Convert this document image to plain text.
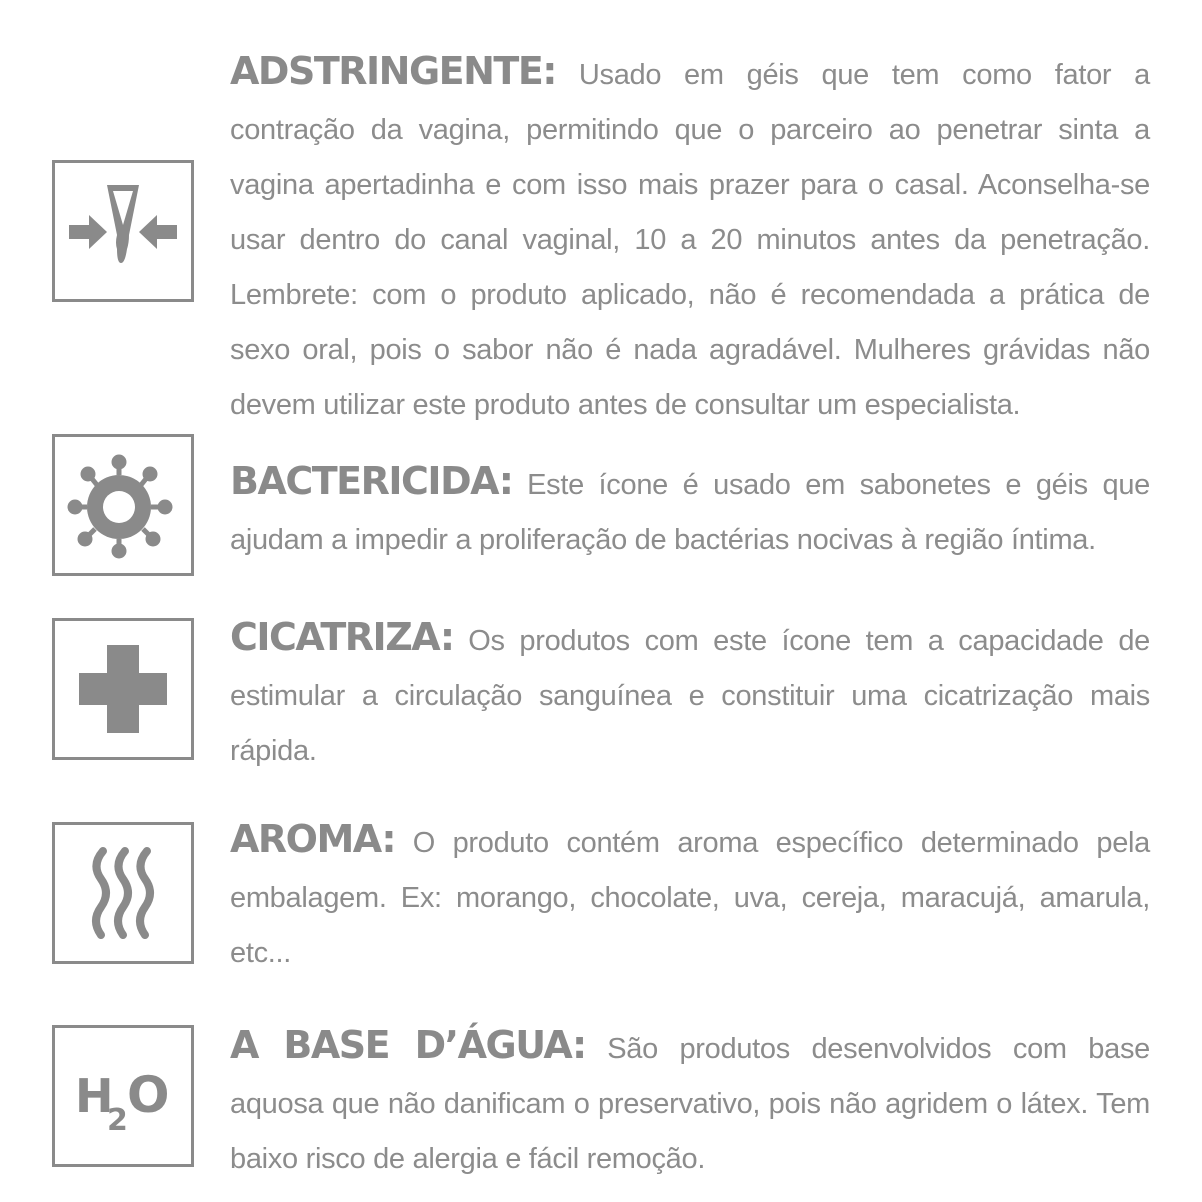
ADSTRINGENTE: Usado em géis que tem como fator a contração da vagina, permitindo que o parceiro ao penetrar sinta a vagina apertadinha e com isso mais prazer para o casal. Aconselha-se usar dentro do canal vaginal, 10 a 20 minutos antes da penetração. Lembrete: com o produto aplicado, não é recomendada a prática de sexo oral, pois o sabor não é nada agradável. Mulheres grávidas não devem utilizar este produto antes de consultar um especialista.
BACTERICIDA: Este ícone é usado em sabonetes e géis que ajudam a impedir a proliferação de bactérias nocivas à região íntima.
CICATRIZA: Os produtos com este ícone tem a capacidade de estimular a circulação sanguínea e constituir uma cicatrização mais rápida.
AROMA: O produto contém aroma específico determinado pela embalagem. Ex: morango, chocolate, uva, cereja, maracujá, amarula, etc...
H
2 O
A BASE D’ÁGUA: São produtos desenvolvidos com base aquosa que não danificam o preservativo, pois não agridem o látex. Tem baixo risco de alergia e fácil remoção.
